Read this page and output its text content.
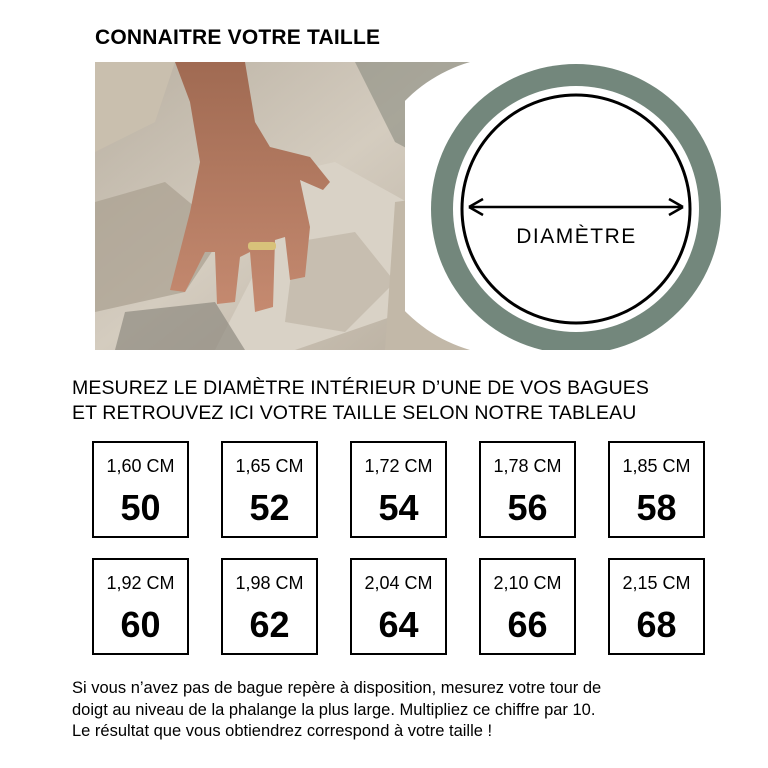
CONNAITRE VOTRE TAILLE
DIAMÈTRE
MESUREZ LE DIAMÈTRE INTÉRIEUR D’UNE DE VOS BAGUES
ET RETROUVEZ ICI VOTRE TAILLE SELON NOTRE TABLEAU
1,60 CM
50
1,65 CM
52
1,72 CM
54
1,78 CM
56
1,85 CM
58
1,92 CM
60
1,98 CM
62
2,04 CM
64
2,10 CM
66
2,15 CM
68
Si vous n’avez pas de bague repère à disposition, mesurez votre tour de
doigt au niveau de la phalange la plus large. Multipliez ce chiffre par 10.
Le résultat que vous obtiendrez correspond à votre taille !
